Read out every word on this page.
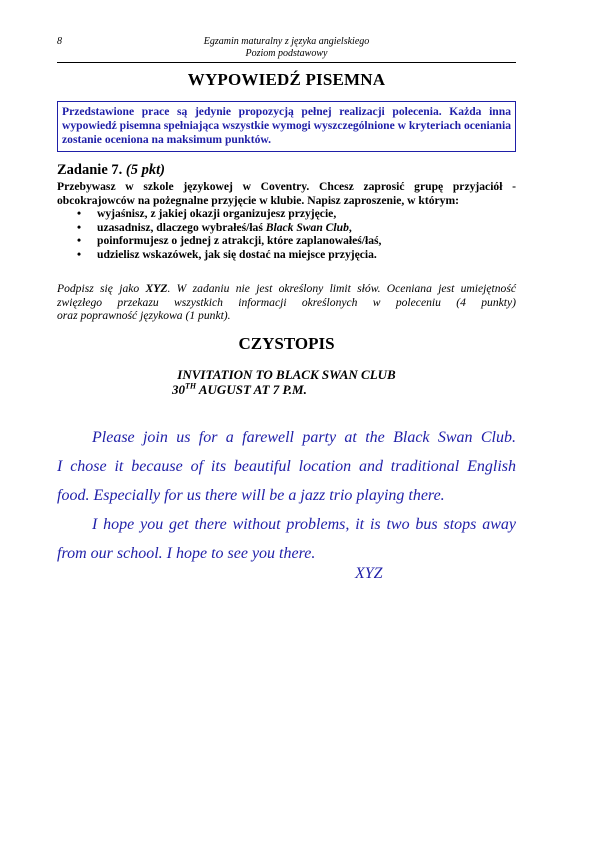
8	Egzamin maturalny z języka angielskiego
Poziom podstawowy
WYPOWIEDŹ PISEMNA
Przedstawione prace są jedynie propozycją pełnej realizacji polecenia. Każda inna wypowiedź pisemna spełniająca wszystkie wymogi wyszczególnione w kryteriach oceniania zostanie oceniona na maksimum punktów.
Zadanie 7. (5 pkt)
Przebywasz w szkole językowej w Coventry. Chcesz zaprosić grupę przyjaciół - obcokrajowców na pożegnalne przyjęcie w klubie. Napisz zaproszenie, w którym:
• wyjaśnisz, z jakiej okazji organizujesz przyjęcie,
• uzasadnisz, dlaczego wybrałeś/łaś Black Swan Club,
• poinformujesz o jednej z atrakcji, które zaplanowałeś/łaś,
• udzielisz wskazówek, jak się dostać na miejsce przyjęcia.
Podpisz się jako XYZ. W zadaniu nie jest określony limit słów. Oceniana jest umiejętność
zwięzłego przekazu wszystkich informacji określonych w poleceniu (4 punkty)
oraz poprawność językowa (1 punkt).
CZYSTOPIS
INVITATION TO BLACK SWAN CLUB
30TH AUGUST AT 7 P.M.
Please join us for a farewell party at the Black Swan Club.
I chose it because of its beautiful location and traditional English
food. Especially for us there will be a jazz trio playing there.
I hope you get there without problems, it is two bus stops away
from our school. I hope to see you there.
XYZ
